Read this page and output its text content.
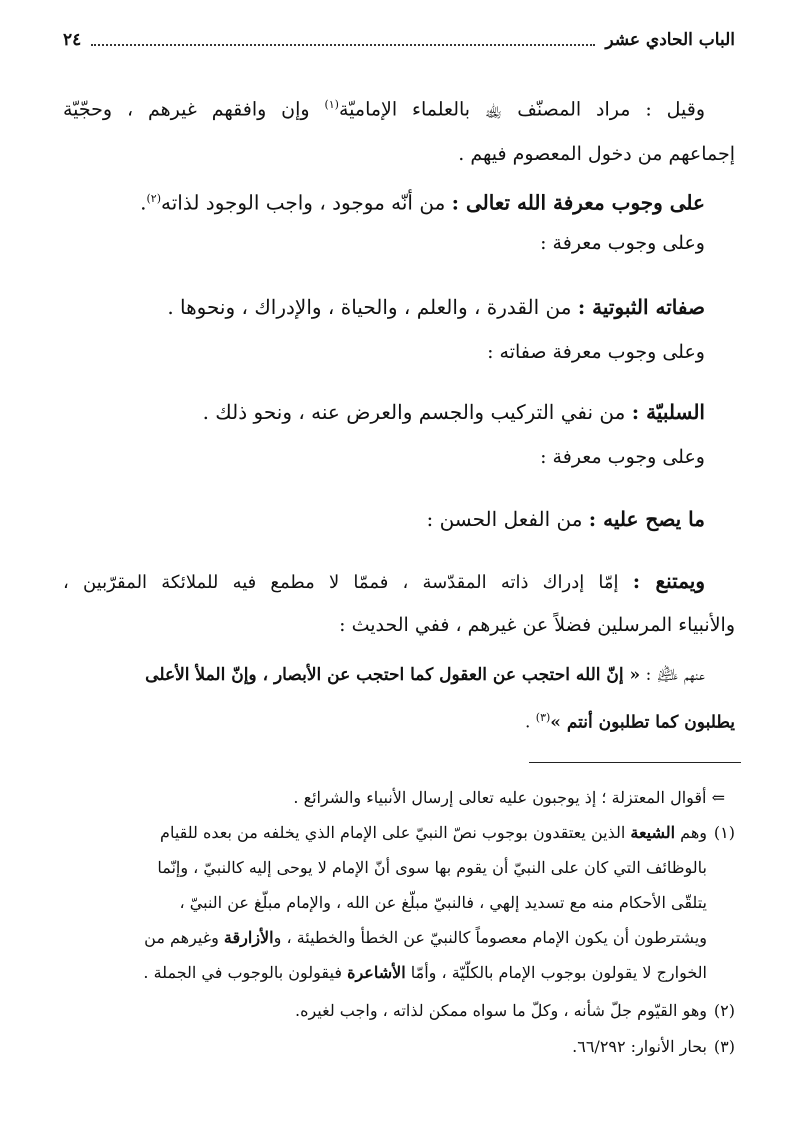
الباب الحادي عشر
٢٤
وقيل : مراد المصنّف ﵀ بالعلماء الإماميّة$^{(١)}$ وإن وافقهم غيرهم ، وحجّيّة
إجماعهم من دخول المعصوم فيهم .
على وجوب معرفة الله تعالى : من أنّه موجود ، واجب الوجود لذاته$^{(٢)}$.
وعلى وجوب معرفة :
صفاته الثبوتية : من القدرة ، والعلم ، والحياة ، والإدراك ، ونحوها .
وعلى وجوب معرفة صفاته :
السلبيّة : من نفي التركيب والجسم والعرض عنه ، ونحو ذلك .
وعلى وجوب معرفة :
ما يصح عليه : من الفعل الحسن :
ويمتنع : إمّا إدراك ذاته المقدّسة ، فممّا لا مطمع فيه للملائكة المقرّبين ،
والأنبياء المرسلين فضلاً عن غيرهم ، ففي الحديث :
عنهم ﵇ : « إنّ الله احتجب عن العقول كما احتجب عن الأبصار ، وإنّ الملأ الأعلى
يطلبون كما تطلبون أنتم »$^{(٣)}$ .
⇐ أقوال المعتزلة ؛ إذ يوجبون عليه تعالى إرسال الأنبياء والشرائع .
(١)وهم الشيعة الذين يعتقدون بوجوب نصّ النبيّ على الإمام الذي يخلفه من بعده للقيام
بالوظائف التي كان على النبيّ أن يقوم بها سوى أنّ الإمام لا يوحى إليه كالنبيّ ، وإنّما
يتلقّى الأحكام منه مع تسديد إلهي ، فالنبيّ مبلّغ عن الله ، والإمام مبلّغ عن النبيّ ،
ويشترطون أن يكون الإمام معصوماً كالنبيّ عن الخطأ والخطيئة ، والأزارقة وغيرهم من
الخوارج لا يقولون بوجوب الإمام بالكلّيّة ، وأمّا الأشاعرة فيقولون بالوجوب في الجملة .
(٢)وهو القيّوم جلّ شأنه ، وكلّ ما سواه ممكن لذاته ، واجب لغيره.
(٣)بحار الأنوار: ٦٦/٢٩٢.
